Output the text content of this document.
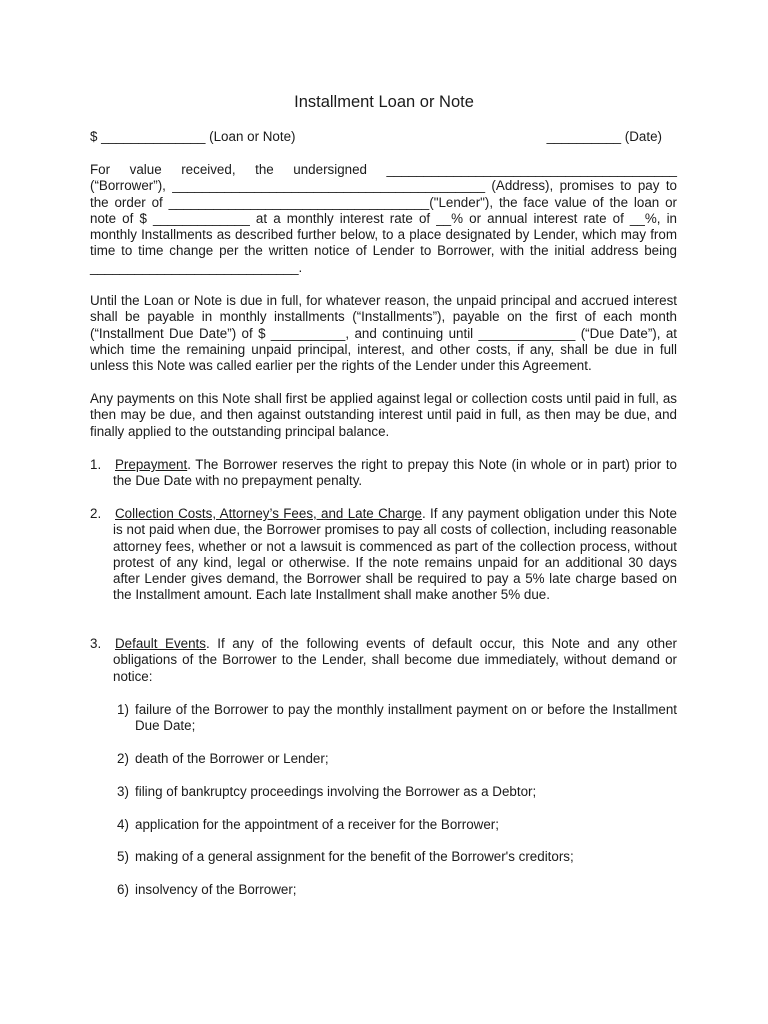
Installment Loan or Note
$ ______________ (Loan or Note)	__________ (Date)

For value received, the undersigned _______________________________________ (“Borrower”), __________________________________________ (Address), promises to pay to the order of ___________________________________("Lender"), the face value of the loan or note of $ _____________ at a monthly interest rate of __% or annual interest rate of __%, in monthly Installments as described further below, to a place designated by Lender, which may from time to time change per the written notice of Lender to Borrower, with the initial address being ____________________________.

Until the Loan or Note is due in full, for whatever reason, the unpaid principal and accrued interest shall be payable in monthly installments (“Installments”), payable on the first of each month (“Installment Due Date”) of $ __________, and continuing until _____________ (“Due Date”), at which time the remaining unpaid principal, interest, and other costs, if any, shall be due in full unless this Note was called earlier per the rights of the Lender under this Agreement.

Any payments on this Note shall first be applied against legal or collection costs until paid in full, as then may be due, and then against outstanding interest until paid in full, as then may be due, and finally applied to the outstanding principal balance.

1. Prepayment. The Borrower reserves the right to prepay this Note (in whole or in part) prior to the Due Date with no prepayment penalty.
2. Collection Costs, Attorney’s Fees, and Late Charge. If any payment obligation under this Note is not paid when due, the Borrower promises to pay all costs of collection, including reasonable attorney fees, whether or not a lawsuit is commenced as part of the collection process, without protest of any kind, legal or otherwise. If the note remains unpaid for an additional 30 days after Lender gives demand, the Borrower shall be required to pay a 5% late charge based on the Installment amount. Each late Installment shall make another 5% due.
3. Default Events. If any of the following events of default occur, this Note and any other obligations of the Borrower to the Lender, shall become due immediately, without demand or notice:
1) failure of the Borrower to pay the monthly installment payment on or before the Installment Due Date;
2) death of the Borrower or Lender;
3) filing of bankruptcy proceedings involving the Borrower as a Debtor;
4) application for the appointment of a receiver for the Borrower;
5) making of a general assignment for the benefit of the Borrower's creditors;
6) insolvency of the Borrower;
